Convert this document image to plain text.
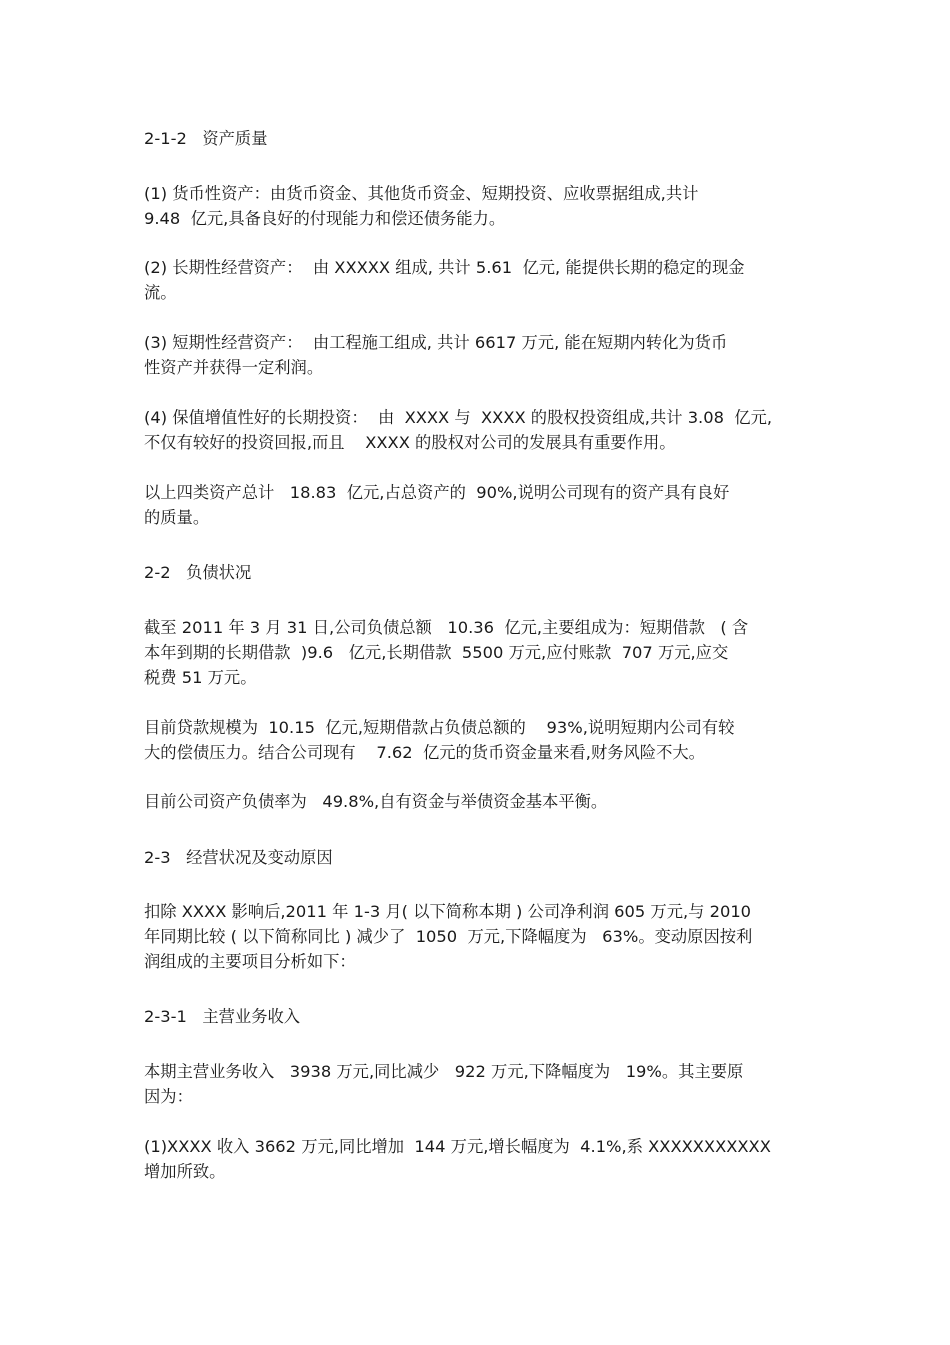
2-1-2   资产质量
(1) 货币性资产：由货币资金、其他货币资金、短期投资、应收票据组成,共计
9.48  亿元,具备良好的付现能力和偿还债务能力。
(2) 长期性经营资产：  由 XXXXX 组成, 共计 5.61  亿元, 能提供长期的稳定的现金
流。
(3) 短期性经营资产：  由工程施工组成, 共计 6617 万元, 能在短期内转化为货币
性资产并获得一定利润。
(4) 保值增值性好的长期投资：  由  XXXX 与  XXXX 的股权投资组成,共计 3.08  亿元,
不仅有较好的投资回报,而且    XXXX 的股权对公司的发展具有重要作用。
以上四类资产总计   18.83  亿元,占总资产的  90%,说明公司现有的资产具有良好
的质量。
2-2   负债状况
截至 2011 年 3 月 31 日,公司负债总额   10.36  亿元,主要组成为：短期借款   ( 含
本年到期的长期借款  )9.6   亿元,长期借款  5500 万元,应付账款  707 万元,应交
税费 51 万元。
目前贷款规模为  10.15  亿元,短期借款占负债总额的    93%,说明短期内公司有较
大的偿债压力。结合公司现有    7.62  亿元的货币资金量来看,财务风险不大。
目前公司资产负债率为   49.8%,自有资金与举债资金基本平衡。
2-3   经营状况及变动原因
扣除 XXXX 影响后,2011 年 1-3 月( 以下简称本期 ) 公司净利润 605 万元,与 2010
年同期比较 ( 以下简称同比 ) 减少了  1050  万元,下降幅度为   63%。变动原因按利
润组成的主要项目分析如下：
2-3-1   主营业务收入
本期主营业务收入   3938 万元,同比减少   922 万元,下降幅度为   19%。其主要原
因为：
(1)XXXX 收入 3662 万元,同比增加  144 万元,增长幅度为  4.1%,系 XXXXXXXXXXX
增加所致。
